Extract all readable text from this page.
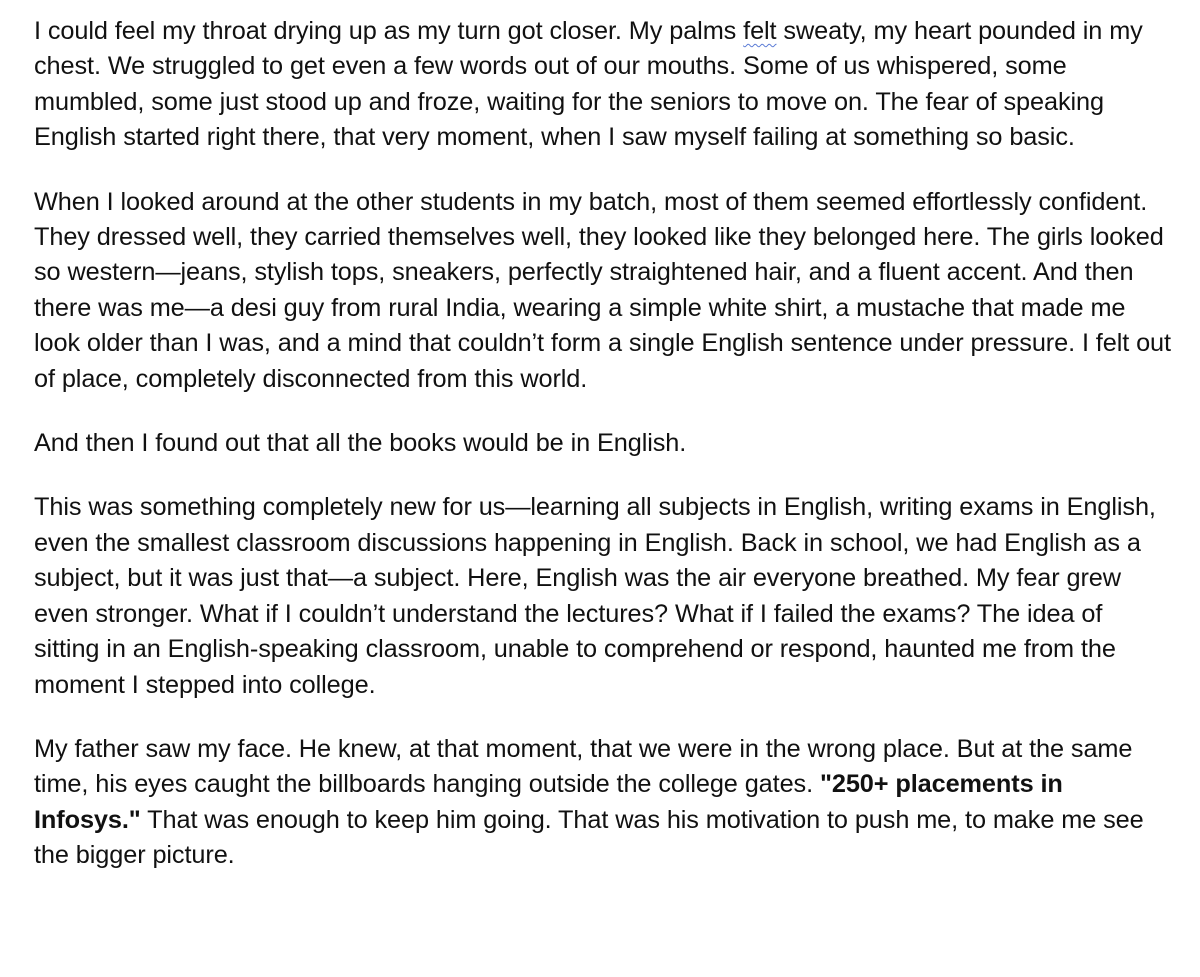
I could feel my throat drying up as my turn got closer. My palms felt sweaty, my heart pounded in my chest. We struggled to get even a few words out of our mouths. Some of us whispered, some mumbled, some just stood up and froze, waiting for the seniors to move on. The fear of speaking English started right there, that very moment, when I saw myself failing at something so basic.

When I looked around at the other students in my batch, most of them seemed effortlessly confident. They dressed well, they carried themselves well, they looked like they belonged here. The girls looked so western—jeans, stylish tops, sneakers, perfectly straightened hair, and a fluent accent. And then there was me—a desi guy from rural India, wearing a simple white shirt, a mustache that made me look older than I was, and a mind that couldn’t form a single English sentence under pressure. I felt out of place, completely disconnected from this world.

And then I found out that all the books would be in English.

This was something completely new for us—learning all subjects in English, writing exams in English, even the smallest classroom discussions happening in English. Back in school, we had English as a subject, but it was just that—a subject. Here, English was the air everyone breathed. My fear grew even stronger. What if I couldn’t understand the lectures? What if I failed the exams? The idea of sitting in an English-speaking classroom, unable to comprehend or respond, haunted me from the moment I stepped into college.

My father saw my face. He knew, at that moment, that we were in the wrong place. But at the same time, his eyes caught the billboards hanging outside the college gates. "250+ placements in Infosys." That was enough to keep him going. That was his motivation to push me, to make me see the bigger picture.
